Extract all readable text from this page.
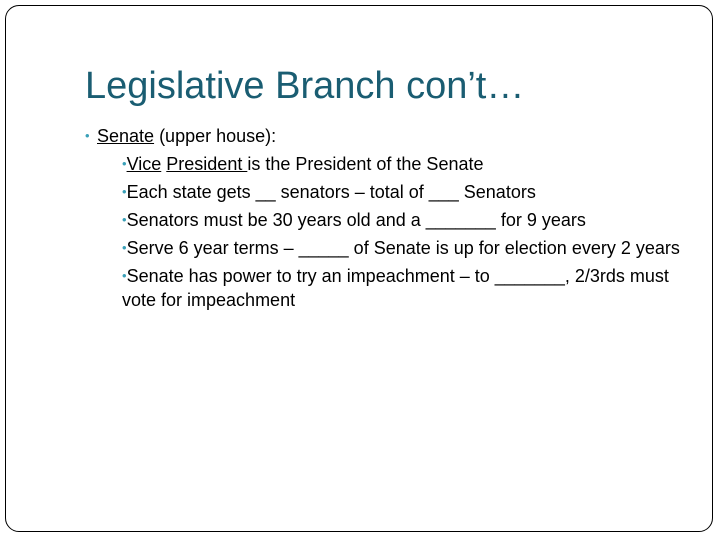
Legislative Branch con’t…

• Senate (upper house):

•Vice President is the President of the Senate

•Each state gets __ senators – total of ___ Senators

•Senators must be 30 years old and a _______ for 9 years

•Serve 6 year terms – _____ of Senate is up for election every 2 years

•Senate has power to try an impeachment – to _______, 2/3rds must vote for impeachment
